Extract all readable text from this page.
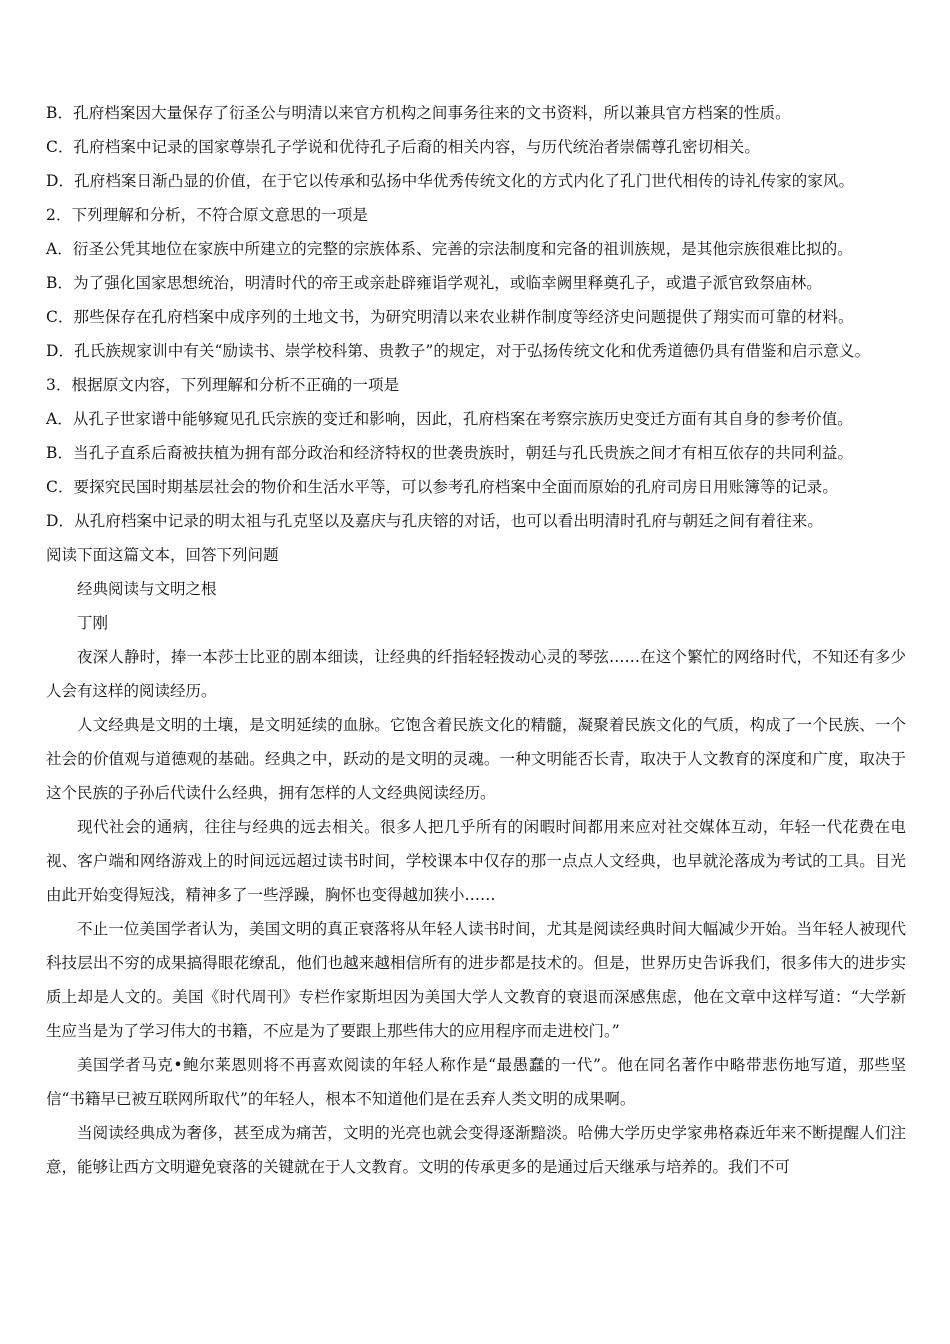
B．孔府档案因大量保存了衍圣公与明清以来官方机构之间事务往来的文书资料，所以兼具官方档案的性质。
C．孔府档案中记录的国家尊崇孔子学说和优待孔子后裔的相关内容，与历代统治者崇儒尊孔密切相关。
D．孔府档案日渐凸显的价值，在于它以传承和弘扬中华优秀传统文化的方式内化了孔门世代相传的诗礼传家的家风。
2．下列理解和分析，不符合原文意思的一项是
A．衍圣公凭其地位在家族中所建立的完整的宗族体系、完善的宗法制度和完备的祖训族规，是其他宗族很难比拟的。
B．为了强化国家思想统治，明清时代的帝王或亲赴辟雍诣学观礼，或临幸阙里释奠孔子，或遣子派官致祭庙林。
C．那些保存在孔府档案中成序列的土地文书，为研究明清以来农业耕作制度等经济史问题提供了翔实而可靠的材料。
D．孔氏族规家训中有关“励读书、崇学校科第、贵教子”的规定，对于弘扬传统文化和优秀道德仍具有借鉴和启示意义。
3．根据原文内容，下列理解和分析不正确的一项是
A．从孔子世家谱中能够窥见孔氏宗族的变迁和影响，因此，孔府档案在考察宗族历史变迁方面有其自身的参考价值。
B．当孔子直系后裔被扶植为拥有部分政治和经济特权的世袭贵族时，朝廷与孔氏贵族之间才有相互依存的共同利益。
C．要探究民国时期基层社会的物价和生活水平等，可以参考孔府档案中全面而原始的孔府司房日用账簿等的记录。
D．从孔府档案中记录的明太祖与孔克坚以及嘉庆与孔庆镕的对话，也可以看出明清时孔府与朝廷之间有着往来。
阅读下面这篇文本，回答下列问题
经典阅读与文明之根
丁刚

夜深人静时，捧一本莎士比亚的剧本细读，让经典的纤指轻轻拨动心灵的琴弦……在这个繁忙的网络时代，不知还有多少人会有这样的阅读经历。

人文经典是文明的土壤，是文明延续的血脉。它饱含着民族文化的精髓，凝聚着民族文化的气质，构成了一个民族、一个社会的价值观与道德观的基础。经典之中，跃动的是文明的灵魂。一种文明能否长青，取决于人文教育的深度和广度，取决于这个民族的子孙后代读什么经典，拥有怎样的人文经典阅读经历。

现代社会的通病，往往与经典的远去相关。很多人把几乎所有的闲暇时间都用来应对社交媒体互动，年轻一代花费在电视、客户端和网络游戏上的时间远远超过读书时间，学校课本中仅存的那一点点人文经典，也早就沦落成为考试的工具。目光由此开始变得短浅，精神多了一些浮躁，胸怀也变得越加狭小……

不止一位美国学者认为，美国文明的真正衰落将从年轻人读书时间，尤其是阅读经典时间大幅减少开始。当年轻人被现代科技层出不穷的成果搞得眼花缭乱，他们也越来越相信所有的进步都是技术的。但是，世界历史告诉我们，很多伟大的进步实质上却是人文的。美国《时代周刊》专栏作家斯坦因为美国大学人文教育的衰退而深感焦虑，他在文章中这样写道：“大学新生应当是为了学习伟大的书籍，不应是为了要跟上那些伟大的应用程序而走进校门。”

美国学者马克•鲍尔莱恩则将不再喜欢阅读的年轻人称作是“最愚蠢的一代”。他在同名著作中略带悲伤地写道，那些坚信“书籍早已被互联网所取代”的年轻人，根本不知道他们是在丢弃人类文明的成果啊。

当阅读经典成为奢侈，甚至成为痛苦，文明的光亮也就会变得逐渐黯淡。哈佛大学历史学家弗格森近年来不断提醒人们注意，能够让西方文明避免衰落的关键就在于人文教育。文明的传承更多的是通过后天继承与培养的。我们不可
